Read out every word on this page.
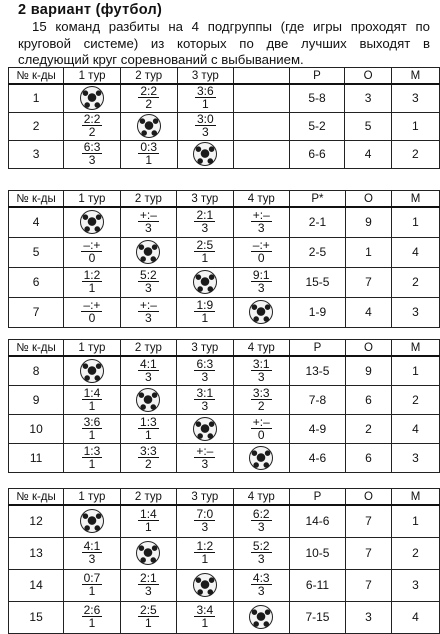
2 вариант (футбол)
15 команд разбиты на 4 подгруппы (где игры проходят по круговой системе) из которых по две лучших выходят в следующий круг соревнований с выбыванием.
№ к-ды	1 тур	2 тур	3 тур		Р	О	М
1		$\frac{2:2}{2}$	$\frac{3:6}{1}$		5-8	3	3
2	$\frac{2:2}{2}$		$\frac{3:0}{3}$		5-2	5	1
3	$\frac{6:3}{3}$	$\frac{0:3}{1}$			6-6	4	2
№ к-ды	1 тур	2 тур	3 тур	4 тур	Р*	О	М
4		$\frac{+:-}{3}$	$\frac{2:1}{3}$	$\frac{+:-}{3}$	2-1	9	1
5	$\frac{-:+}{0}$		$\frac{2:5}{1}$	$\frac{-:+}{0}$	2-5	1	4
6	$\frac{1:2}{1}$	$\frac{5:2}{3}$		$\frac{9:1}{3}$	15-5	7	2
7	$\frac{-:+}{0}$	$\frac{+:-}{3}$	$\frac{1:9}{1}$		1-9	4	3
№ к-ды	1 тур	2 тур	3 тур	4 тур	Р	О	М
8		$\frac{4:1}{3}$	$\frac{6:3}{3}$	$\frac{3:1}{3}$	13-5	9	1
9	$\frac{1:4}{1}$		$\frac{3:1}{3}$	$\frac{3:3}{2}$	7-8	6	2
10	$\frac{3:6}{1}$	$\frac{1:3}{1}$		$\frac{+:-}{0}$	4-9	2	4
11	$\frac{1:3}{1}$	$\frac{3:3}{2}$	$\frac{+:-}{3}$		4-6	6	3
№ к-ды	1 тур	2 тур	3 тур	4 тур	Р	О	М
12		$\frac{1:4}{1}$	$\frac{7:0}{3}$	$\frac{6:2}{3}$	14-6	7	1
13	$\frac{4:1}{3}$		$\frac{1:2}{1}$	$\frac{5:2}{3}$	10-5	7	2
14	$\frac{0:7}{1}$	$\frac{2:1}{3}$		$\frac{4:3}{3}$	6-11	7	3
15	$\frac{2:6}{1}$	$\frac{2:5}{1}$	$\frac{3:4}{1}$		7-15	3	4
